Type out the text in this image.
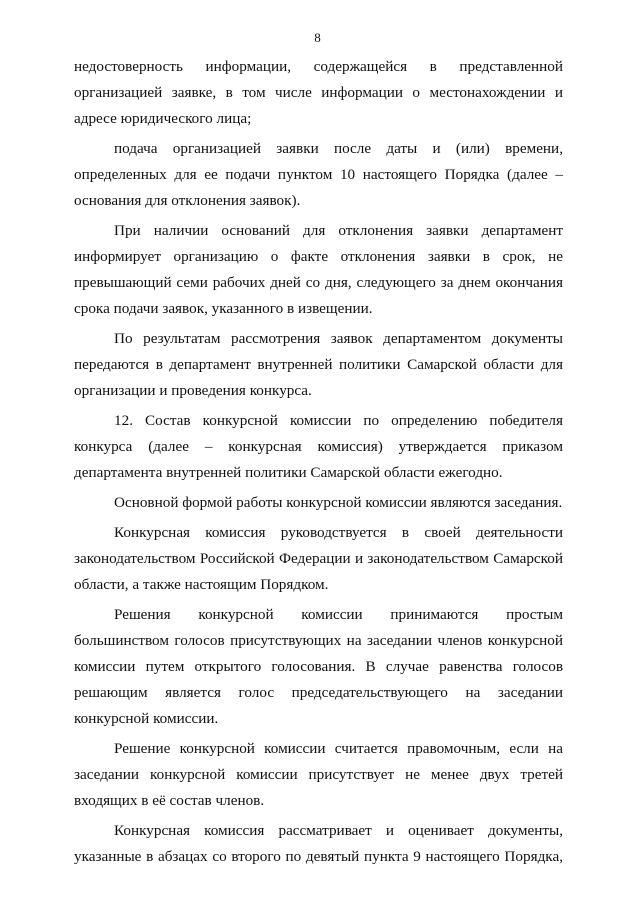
8

недостоверность информации, содержащейся в представленной организацией заявке, в том числе информации о местонахождении и адресе юридического лица;

подача организацией заявки после даты и (или) времени, определенных для ее подачи пунктом 10 настоящего Порядка (далее – основания для отклонения заявок).

При наличии оснований для отклонения заявки департамент информирует организацию о факте отклонения заявки в срок, не превышающий семи рабочих дней со дня, следующего за днем окончания срока подачи заявок, указанного в извещении.

По результатам рассмотрения заявок департаментом документы передаются в департамент внутренней политики Самарской области для организации и проведения конкурса.

12. Состав конкурсной комиссии по определению победителя конкурса (далее – конкурсная комиссия) утверждается приказом департамента внутренней политики Самарской области ежегодно.

Основной формой работы конкурсной комиссии являются заседания.

Конкурсная комиссия руководствуется в своей деятельности законодательством Российской Федерации и законодательством Самарской области, а также настоящим Порядком.

Решения конкурсной комиссии принимаются простым большинством голосов присутствующих на заседании членов конкурсной комиссии путем открытого голосования. В случае равенства голосов решающим является голос председательствующего на заседании конкурсной комиссии.

Решение конкурсной комиссии считается правомочным, если на заседании конкурсной комиссии присутствует не менее двух третей входящих в её состав членов.

Конкурсная комиссия рассматривает и оценивает документы, указанные в абзацах со второго по девятый пункта 9 настоящего Порядка,
